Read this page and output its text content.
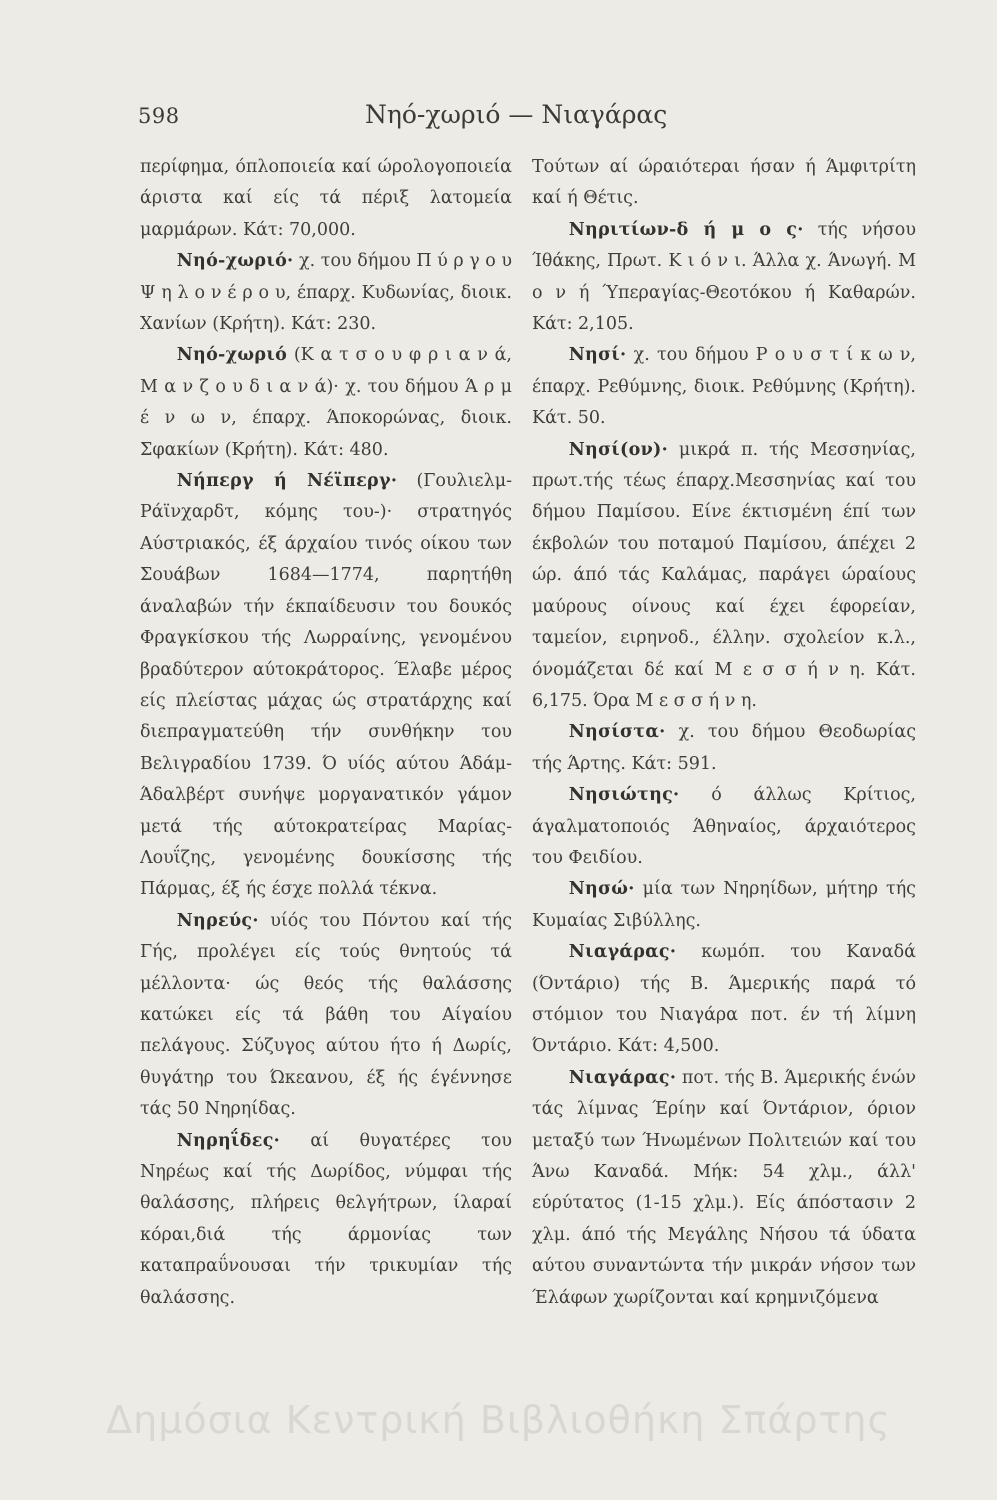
598	Νηό-χωριό — Νιαγάρας

περίφημα, όπλοποιεία καί ώρολογοποιεία άριστα καί είς τά πέριξ λατομεία μαρμάρων. Κάτ: 70,000.

Νηό-χωριό· χ. του δήμου Π ύ ρ γ ο υ Ψ η λ ο ν έ ρ ο υ, έπαρχ. Κυδωνίας, διοικ. Χανίων (Κρήτη). Κάτ: 230.

Νηό-χωριό (Κ α τ σ ο υ φ ρ ι α ν ά, Μ α ν ζ ο υ δ ι α ν ά)· χ. του δήμου Ά ρ μ έ ν ω ν, έπαρχ. Άποκορώνας, διοικ. Σφακίων (Κρήτη). Κάτ: 480.

Νήπεργ ή Νέϊπεργ· (Γουλιελμ-Ράϊνχαρδτ, κόμης του-)· στρατηγός Αύστριακός, έξ άρχαίου τινός οίκου των Σουάβων 1684—1774, παρητήθη άναλαβών τήν έκπαίδευσιν του δουκός Φραγκίσκου τής Λωρραίνης, γενομένου βραδύτερον αύτοκράτορος. Έλαβε μέρος είς πλείστας μάχας ώς στρατάρχης καί διεπραγματεύθη τήν συνθήκην του Βελιγραδίου 1739. Ό υίός αύτου Άδάμ-Άδαλβέρτ συνήψε μοργανατικόν γάμον μετά τής αύτοκρατείρας Μαρίας-Λουΐζης, γενομένης δουκίσσης τής Πάρμας, έξ ής έσχε πολλά τέκνα.

Νηρεύς· υίός του Πόντου καί τής Γής, προλέγει είς τούς θνητούς τά μέλλοντα· ώς θεός τής θαλάσσης κατώκει είς τά βάθη του Αίγαίου πελάγους. Σύζυγος αύτου ήτο ή Δωρίς, θυγάτηρ του Ώκεανου, έξ ής έγέννησε τάς 50 Νηρηίδας.

Νηρηΐδες· αί θυγατέρες του Νηρέως καί τής Δωρίδος, νύμφαι τής θαλάσσης, πλήρεις θελγήτρων, ίλαραί κόραι,διά τής άρμονίας των καταπραΰνουσαι τήν τρικυμίαν τής θαλάσσης.

Τούτων αί ώραιότεραι ήσαν ή Άμφιτρίτη καί ή Θέτις.

Νηριτίων-δ ή μ ο ς· τής νήσου Ίθάκης, Πρωτ. Κ ι ό ν ι. Άλλα χ. Άνωγή. Μ ο ν ή Ύπεραγίας-Θεοτόκου ή Καθαρών. Κάτ: 2,105.

Νησί· χ. του δήμου Ρ ο υ σ τ ί κ ω ν, έπαρχ. Ρεθύμνης, διοικ. Ρεθύμνης (Κρήτη). Κάτ. 50.

Νησί(ον)· μικρά π. τής Μεσσηνίας, πρωτ.τής τέως έπαρχ.Μεσσηνίας καί του δήμου Παμίσου. Είνε έκτισμένη έπί των έκβολών του ποταμού Παμίσου, άπέχει 2 ώρ. άπό τάς Καλάμας, παράγει ώραίους μαύρους οίνους καί έχει έφορείαν, ταμείον, ειρηνοδ., έλλην. σχολείον κ.λ., όνομάζεται δέ καί Μ ε σ σ ή ν η. Κάτ. 6,175. Όρα Μ ε σ σ ή ν η.

Νησίστα· χ. του δήμου Θεοδωρίας τής Άρτης. Κάτ: 591.

Νησιώτης· ό άλλως Κρίτιος, άγαλματοποιός Άθηναίος, άρχαιότερος του Φειδίου.

Νησώ· μία των Νηρηίδων, μήτηρ τής Κυμαίας Σιβύλλης.

Νιαγάρας· κωμόπ. του Καναδά (Όντάριο) τής Β. Άμερικής παρά τό στόμιον του Νιαγάρα ποτ. έν τή λίμνη Όντάριο. Κάτ: 4,500.

Νιαγάρας· ποτ. τής Β. Άμερικής ένών τάς λίμνας Έρίην καί Όντάριον, όριον μεταξύ των Ήνωμένων Πολιτειών καί του Άνω Καναδά. Μήκ: 54 χλμ., άλλ' εύρύτατος (1-15 χλμ.). Είς άπόστασιν 2 χλμ. άπό τής Μεγάλης Νήσου τά ύδατα αύτου συναντώντα τήν μικράν νήσον των Έλάφων χωρίζονται καί κρημνιζόμενα

Δημόσια Κεντρική Βιβλιοθήκη Σπάρτης
